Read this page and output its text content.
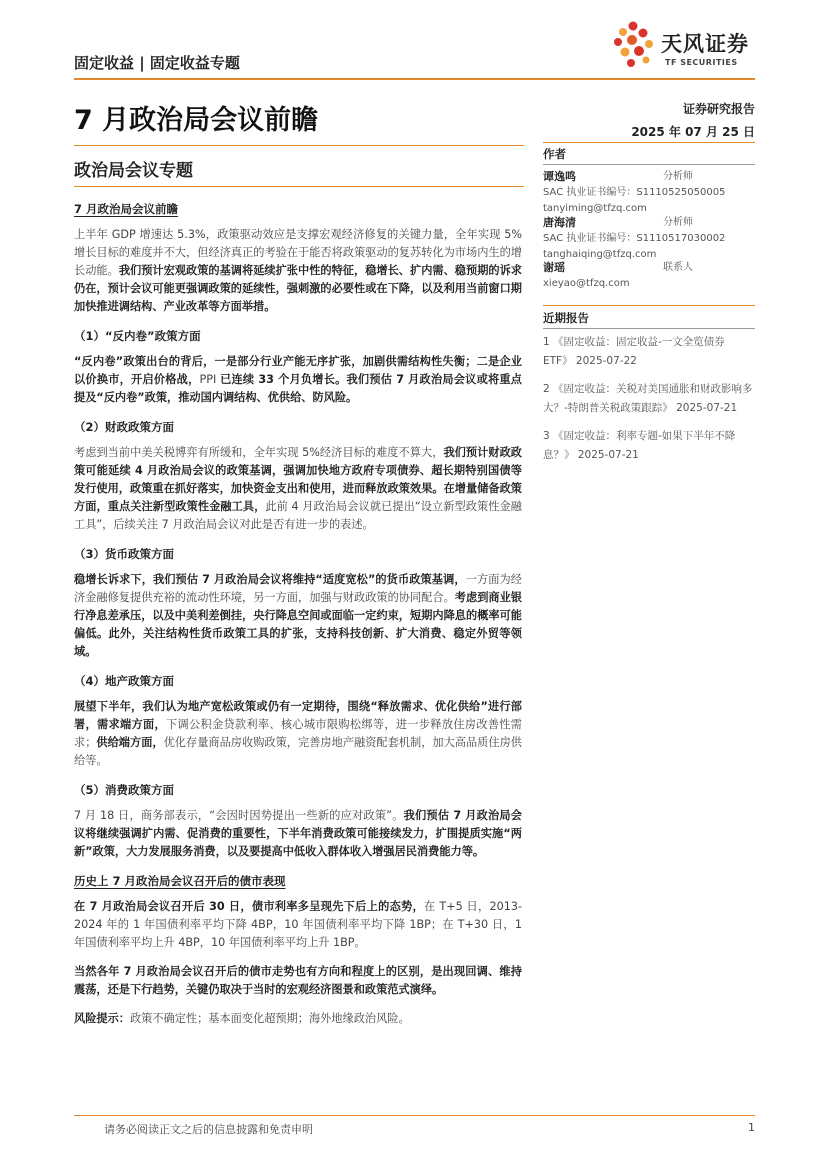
固定收益 | 固定收益专题
天风证券
TF SECURITIES
7 月政治局会议前瞻	证券研究报告
2025 年 07 月 25 日
政治局会议专题
作者
谭逸鸣	分析师
SAC 执业证书编号：S1110525050005
tanyiming@tfzq.com
唐海清	分析师
SAC 执业证书编号：S1110517030002
tanghaiqing@tfzq.com
谢瑶	联系人
xieyao@tfzq.com
近期报告

1 《固定收益：固定收益-一文全览债券 ETF》 2025-07-22

2 《固定收益：关税对美国通胀和财政影响多大？-特朗普关税政策跟踪》 2025-07-21

3 《固定收益：利率专题-如果下半年不降息？》 2025-07-21

7 月政治局会议前瞻

上半年 GDP 增速达 5.3%，政策驱动效应是支撑宏观经济修复的关键力量，全年实现 5%增长目标的难度并不大，但经济真正的考验在于能否将政策驱动的复苏转化为市场内生的增长动能。我们预计宏观政策的基调将延续扩张中性的特征，稳增长、扩内需、稳预期的诉求仍在，预计会议可能更强调政策的延续性，强刺激的必要性或在下降，以及利用当前窗口期加快推进调结构、产业改革等方面举措。

（1）“反内卷”政策方面

“反内卷”政策出台的背后，一是部分行业产能无序扩张，加剧供需结构性失衡；二是企业以价换市，开启价格战，PPI 已连续 33 个月负增长。我们预估 7 月政治局会议或将重点提及“反内卷”政策，推动国内调结构、优供给、防风险。

（2）财政政策方面

考虑到当前中美关税博弈有所缓和，全年实现 5%经济目标的难度不算大，我们预计财政政策可能延续 4 月政治局会议的政策基调，强调加快地方政府专项债券、超长期特别国债等发行使用，政策重在抓好落实，加快资金支出和使用，进而释放政策效果。在增量储备政策方面，重点关注新型政策性金融工具，此前 4 月政治局会议就已提出“设立新型政策性金融工具”，后续关注 7 月政治局会议对此是否有进一步的表述。

（3）货币政策方面

稳增长诉求下，我们预估 7 月政治局会议将维持“适度宽松”的货币政策基调，一方面为经济金融修复提供充裕的流动性环境，另一方面，加强与财政政策的协同配合。考虑到商业银行净息差承压，以及中美利差倒挂，央行降息空间或面临一定约束，短期内降息的概率可能偏低。此外，关注结构性货币政策工具的扩张，支持科技创新、扩大消费、稳定外贸等领域。

（4）地产政策方面

展望下半年，我们认为地产宽松政策或仍有一定期待，围绕“释放需求、优化供给”进行部署，需求端方面，下调公积金贷款利率、核心城市限购松绑等，进一步释放住房改善性需求；供给端方面，优化存量商品房收购政策，完善房地产融资配套机制，加大高品质住房供给等。

（5）消费政策方面

7 月 18 日，商务部表示，“会因时因势提出一些新的应对政策”。我们预估 7 月政治局会议将继续强调扩内需、促消费的重要性，下半年消费政策可能接续发力，扩围提质实施“两新”政策，大力发展服务消费，以及要提高中低收入群体收入增强居民消费能力等。

历史上 7 月政治局会议召开后的债市表现

在 7 月政治局会议召开后 30 日，债市利率多呈现先下后上的态势，在 T+5 日，2013-2024 年的 1 年国债利率平均下降 4BP，10 年国债利率平均下降 1BP；在 T+30 日，1 年国债利率平均上升 4BP，10 年国债利率平均上升 1BP。

当然各年 7 月政治局会议召开后的债市走势也有方向和程度上的区别，是出现回调、维持震荡，还是下行趋势，关键仍取决于当时的宏观经济图景和政策范式演绎。

风险提示：政策不确定性；基本面变化超预期；海外地缘政治风险。

请务必阅读正文之后的信息披露和免责申明	1
